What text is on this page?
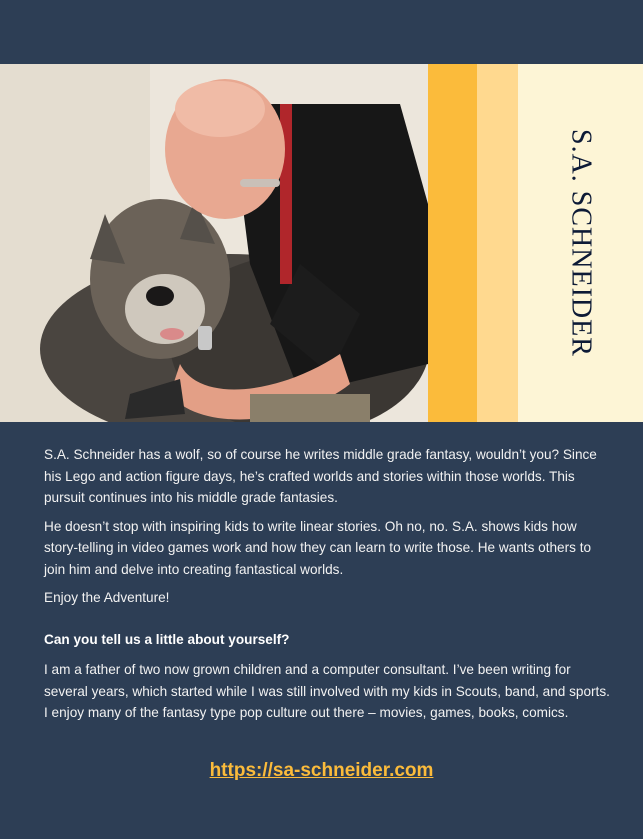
S.A. SCHNEIDER

S.A. Schneider has a wolf, so of course he writes middle grade fantasy, wouldn’t you? Since his Lego and action figure days, he’s crafted worlds and stories within those worlds. This pursuit continues into his middle grade fantasies.

He doesn’t stop with inspiring kids to write linear stories. Oh no, no. S.A. shows kids how story-telling in video games work and how they can learn to write those. He wants others to join him and delve into creating fantastical worlds.

Enjoy the Adventure!

Can you tell us a little about yourself?

I am a father of two now grown children and a computer consultant. I’ve been writing for several years, which started while I was still involved with my kids in Scouts, band, and sports. I enjoy many of the fantasy type pop culture out there – movies, games, books, comics.

https://sa-schneider.com
